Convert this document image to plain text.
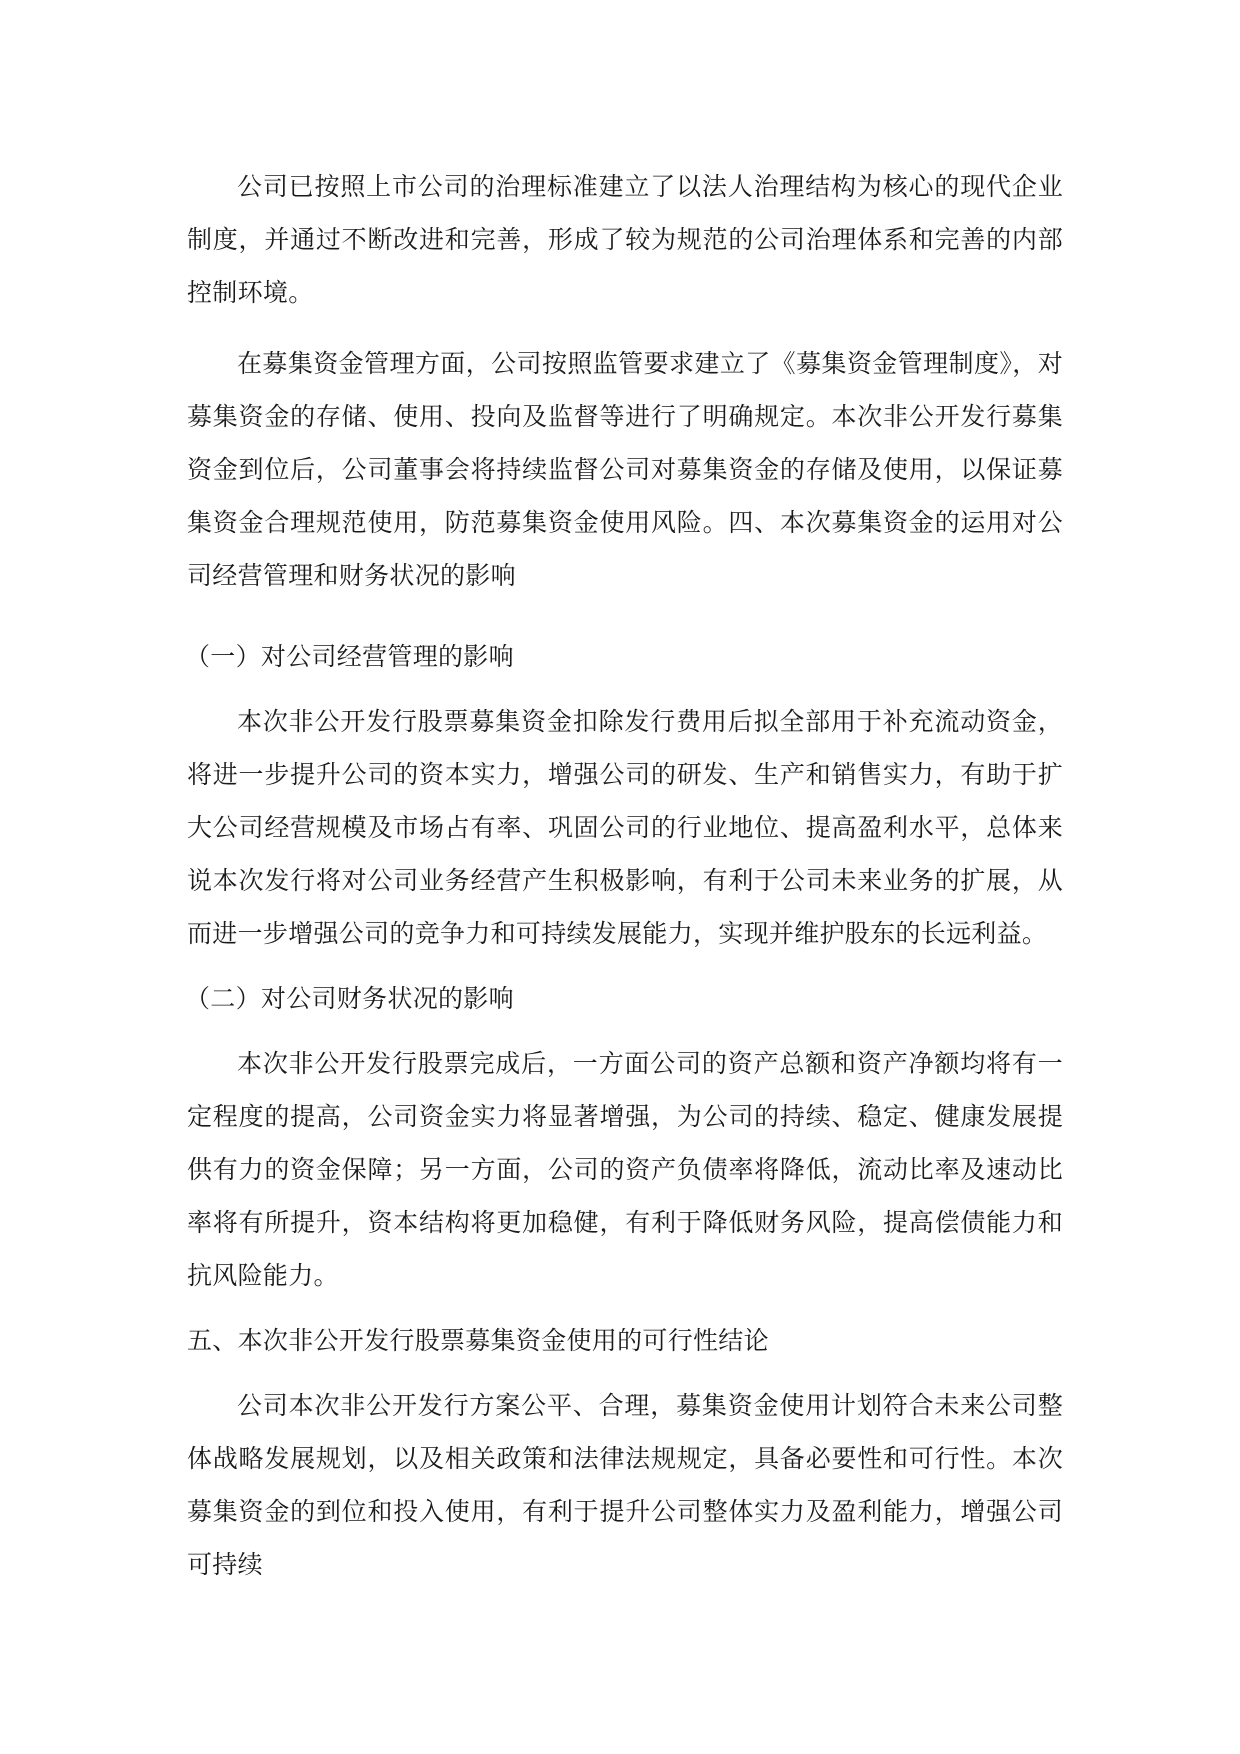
公司已按照上市公司的治理标准建立了以法人治理结构为核心的现代企业制度，并通过不断改进和完善，形成了较为规范的公司治理体系和完善的内部控制环境。

在募集资金管理方面，公司按照监管要求建立了《募集资金管理制度》，对募集资金的存储、使用、投向及监督等进行了明确规定。本次非公开发行募集资金到位后，公司董事会将持续监督公司对募集资金的存储及使用，以保证募集资金合理规范使用，防范募集资金使用风险。四、本次募集资金的运用对公司经营管理和财务状况的影响

（一）对公司经营管理的影响

本次非公开发行股票募集资金扣除发行费用后拟全部用于补充流动资金，将进一步提升公司的资本实力，增强公司的研发、生产和销售实力，有助于扩大公司经营规模及市场占有率、巩固公司的行业地位、提高盈利水平，总体来说本次发行将对公司业务经营产生积极影响，有利于公司未来业务的扩展，从而进一步增强公司的竞争力和可持续发展能力，实现并维护股东的长远利益。

（二）对公司财务状况的影响

本次非公开发行股票完成后，一方面公司的资产总额和资产净额均将有一定程度的提高，公司资金实力将显著增强，为公司的持续、稳定、健康发展提供有力的资金保障；另一方面，公司的资产负债率将降低，流动比率及速动比率将有所提升，资本结构将更加稳健，有利于降低财务风险，提高偿债能力和抗风险能力。

五、本次非公开发行股票募集资金使用的可行性结论

公司本次非公开发行方案公平、合理，募集资金使用计划符合未来公司整体战略发展规划，以及相关政策和法律法规规定，具备必要性和可行性。本次募集资金的到位和投入使用，有利于提升公司整体实力及盈利能力，增强公司可持续
